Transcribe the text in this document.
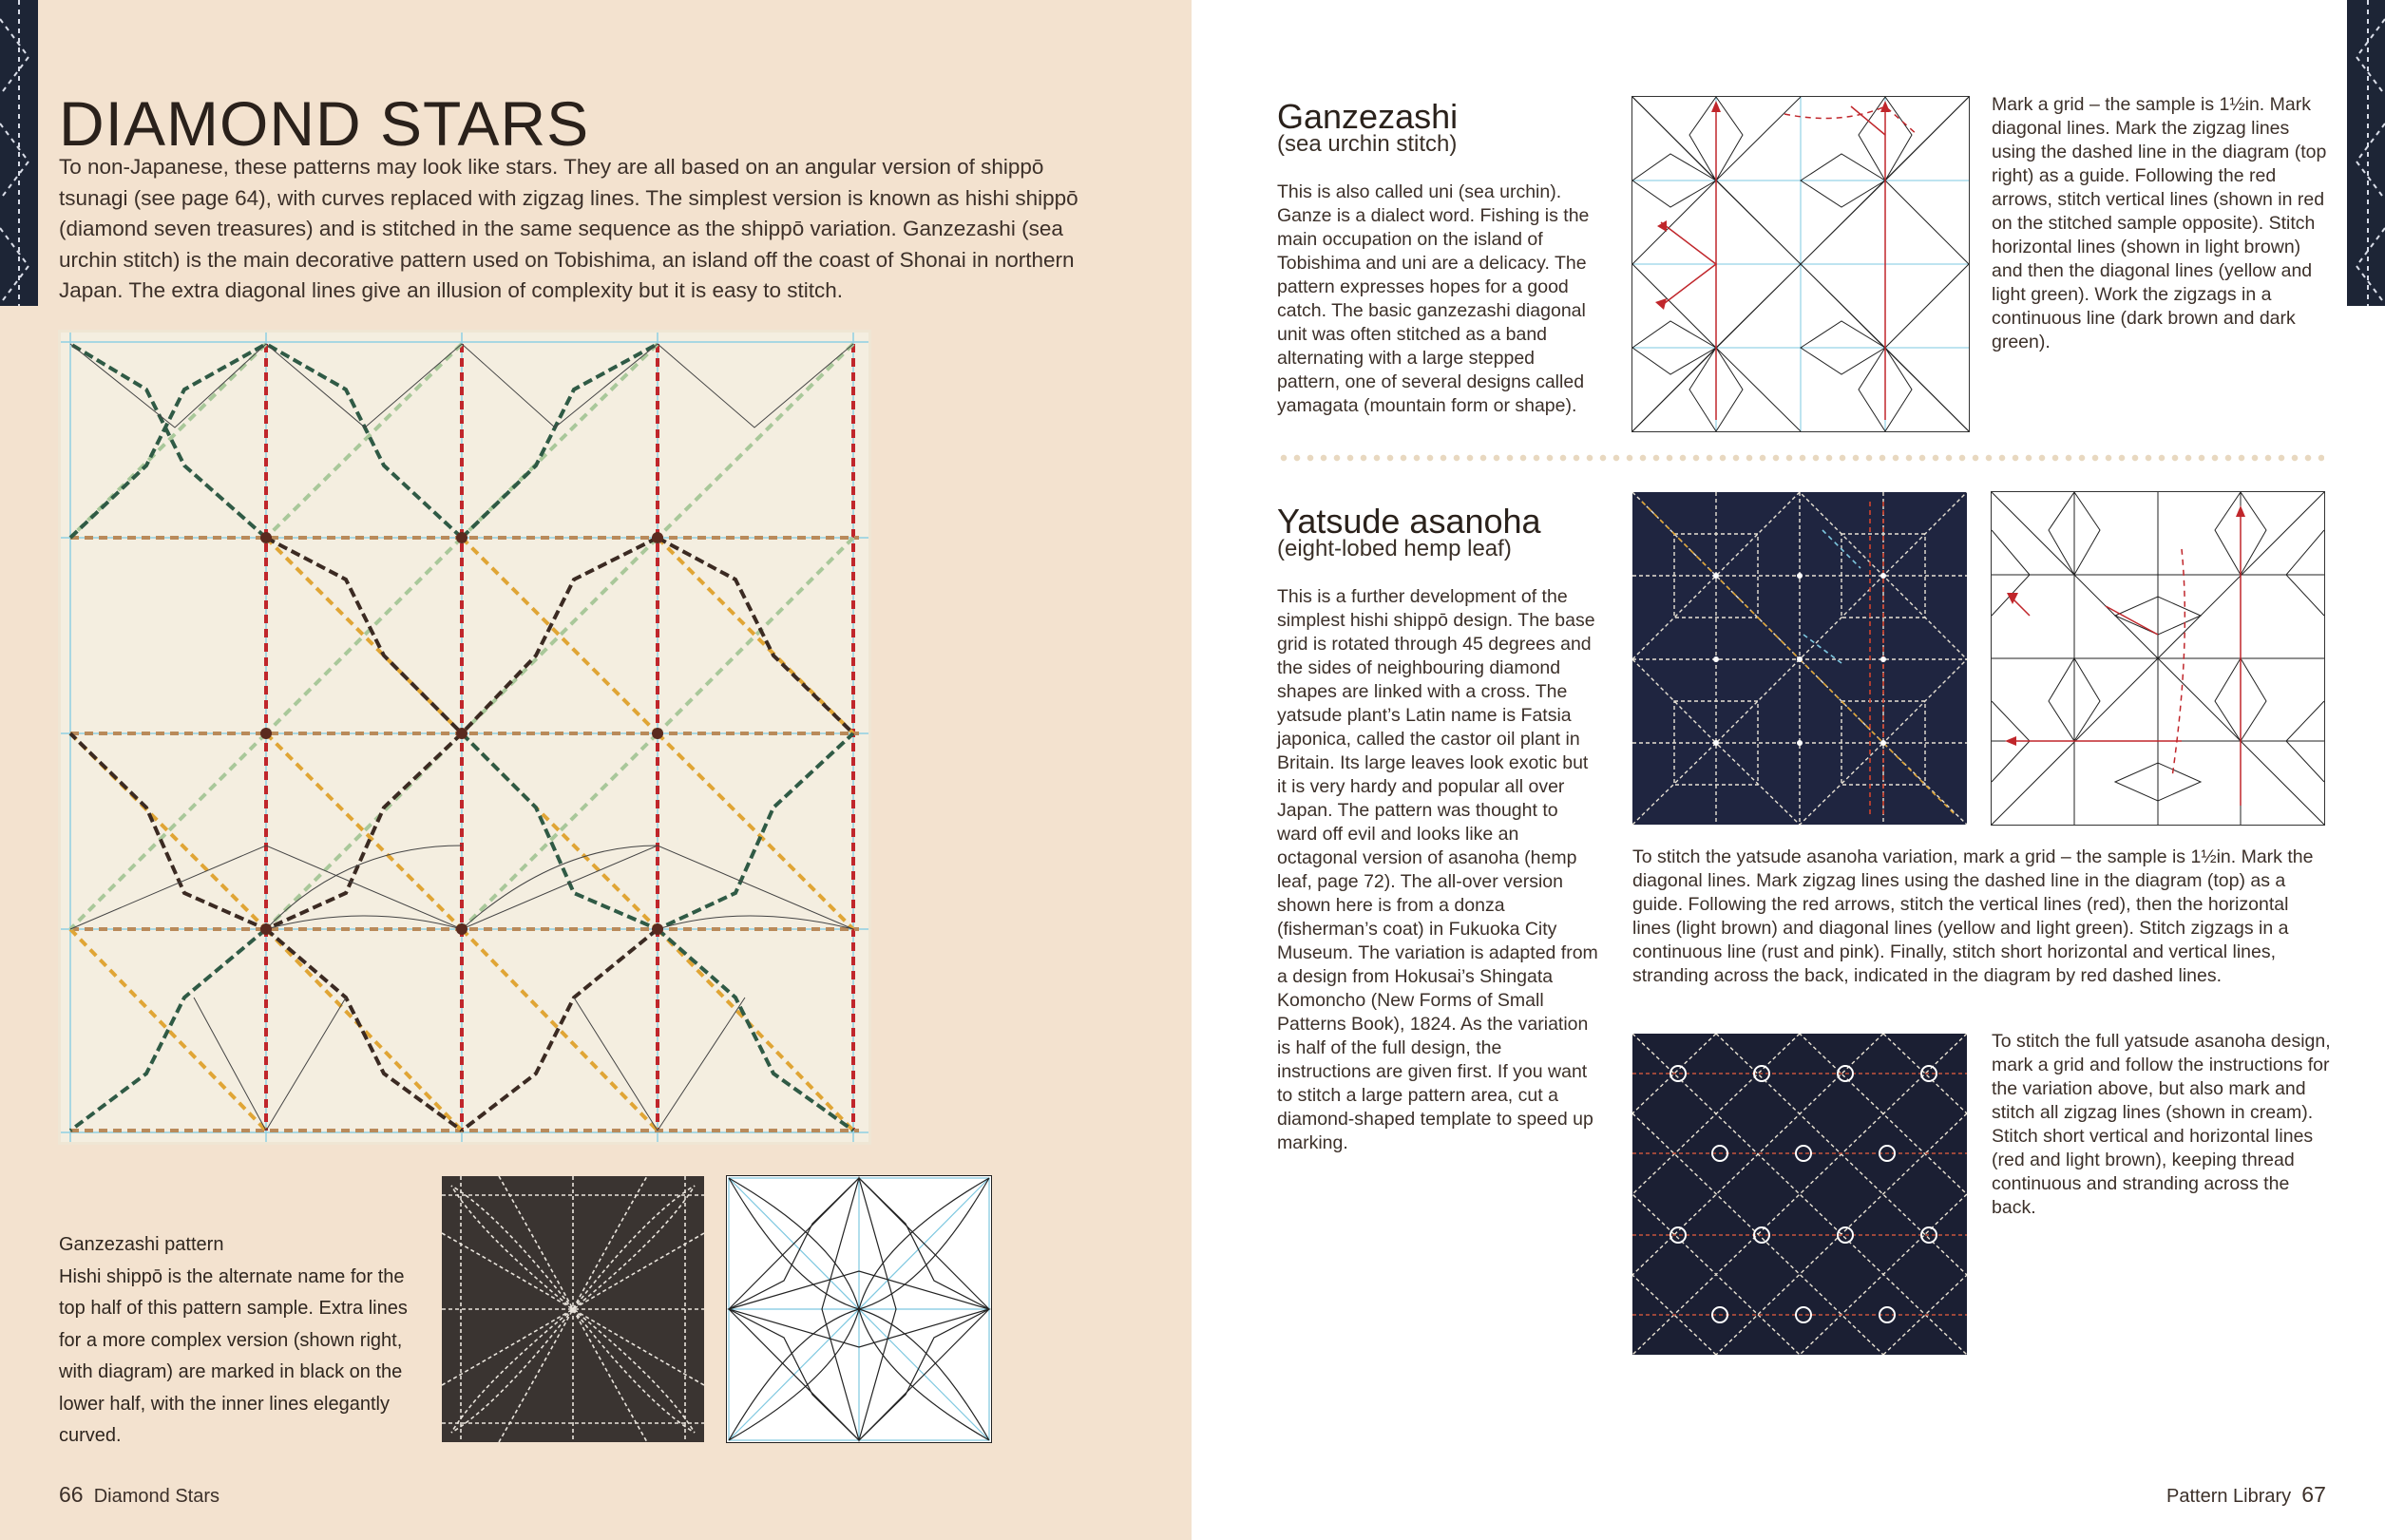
DIAMOND STARS
To non-Japanese, these patterns may look like stars. They are all based on an angular version of shippō tsunagi (see page 64), with curves replaced with zigzag lines. The simplest version is known as hishi shippō (diamond seven treasures) and is stitched in the same sequence as the shippō variation. Ganzezashi (sea urchin stitch) is the main decorative pattern used on Tobishima, an island off the coast of Shonai in northern Japan. The extra diagonal lines give an illusion of complexity but it is easy to stitch.
Ganzezashi pattern
Hishi shippō is the alternate name for the top half of this pattern sample. Extra lines for a more complex version (shown right, with diagram) are marked in black on the lower half, with the inner lines elegantly curved.
66 Diamond Stars
Ganzezashi
(sea urchin stitch)
This is also called uni (sea urchin). Ganze is a dialect word. Fishing is the main occupation on the island of Tobishima and uni are a delicacy. The pattern expresses hopes for a good catch. The basic ganzezashi diagonal unit was often stitched as a band alternating with a large stepped pattern, one of several designs called yamagata (mountain form or shape).
Mark a grid – the sample is 1½in. Mark diagonal lines. Mark the zigzag lines using the dashed line in the diagram (top right) as a guide. Following the red arrows, stitch vertical lines (shown in red on the stitched sample opposite). Stitch horizontal lines (shown in light brown) and then the diagonal lines (yellow and light green). Work the zigzags in a continuous line (dark brown and dark green).
Yatsude asanoha
(eight-lobed hemp leaf)
This is a further development of the simplest hishi shippō design. The base grid is rotated through 45 degrees and the sides of neighbouring diamond shapes are linked with a cross. The yatsude plant’s Latin name is Fatsia japonica, called the castor oil plant in Britain. Its large leaves look exotic but it is very hardy and popular all over Japan. The pattern was thought to ward off evil and looks like an octagonal version of asanoha (hemp leaf, page 72). The all-over version shown here is from a donza (fisherman’s coat) in Fukuoka City Museum. The variation is adapted from a design from Hokusai’s Shingata Komoncho (New Forms of Small Patterns Book), 1824. As the variation is half of the full design, the instructions are given first. If you want to stitch a large pattern area, cut a diamond-shaped template to speed up marking.
To stitch the yatsude asanoha variation, mark a grid – the sample is 1½in. Mark the diagonal lines. Mark zigzag lines using the dashed line in the diagram (top) as a guide. Following the red arrows, stitch the vertical lines (red), then the horizontal lines (light brown) and diagonal lines (yellow and light green). Stitch zigzags in a continuous line (rust and pink). Finally, stitch short horizontal and vertical lines, stranding across the back, indicated in the diagram by red dashed lines.
To stitch the full yatsude asanoha design, mark a grid and follow the instructions for the variation above, but also mark and stitch all zigzag lines (shown in cream). Stitch short vertical and horizontal lines (red and light brown), keeping thread continuous and stranding across the back.
Pattern Library 67
